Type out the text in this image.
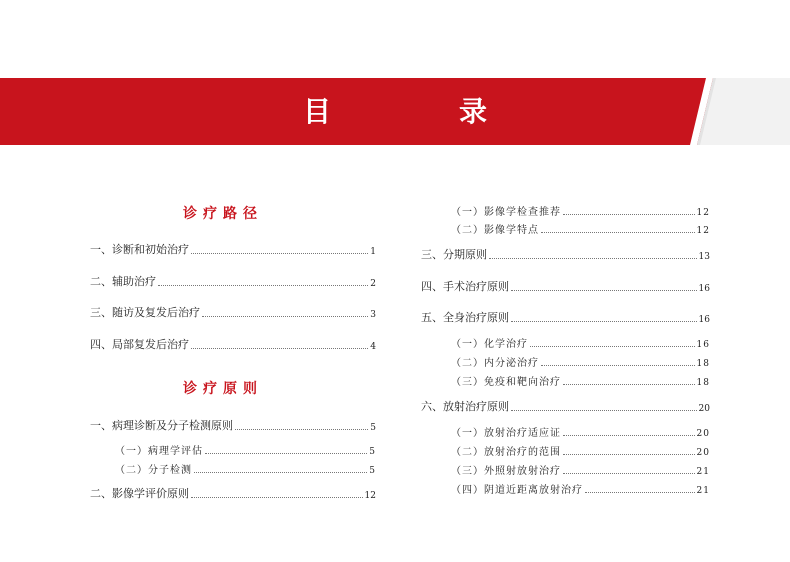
目　录
诊疗路径
一、诊断和初始治疗	1
二、辅助治疗	2
三、随访及复发后治疗	3
四、局部复发后治疗	4
诊疗原则
一、病理诊断及分子检测原则	5
（一）病理学评估	5
（二）分子检测	5
二、影像学评价原则	12
（一）影像学检查推荐	12
（二）影像学特点	12
三、分期原则	13
四、手术治疗原则	16
五、全身治疗原则	16
（一）化学治疗	16
（二）内分泌治疗	18
（三）免疫和靶向治疗	18
六、放射治疗原则	20
（一）放射治疗适应证	20
（二）放射治疗的范围	20
（三）外照射放射治疗	21
（四）阴道近距离放射治疗	21
